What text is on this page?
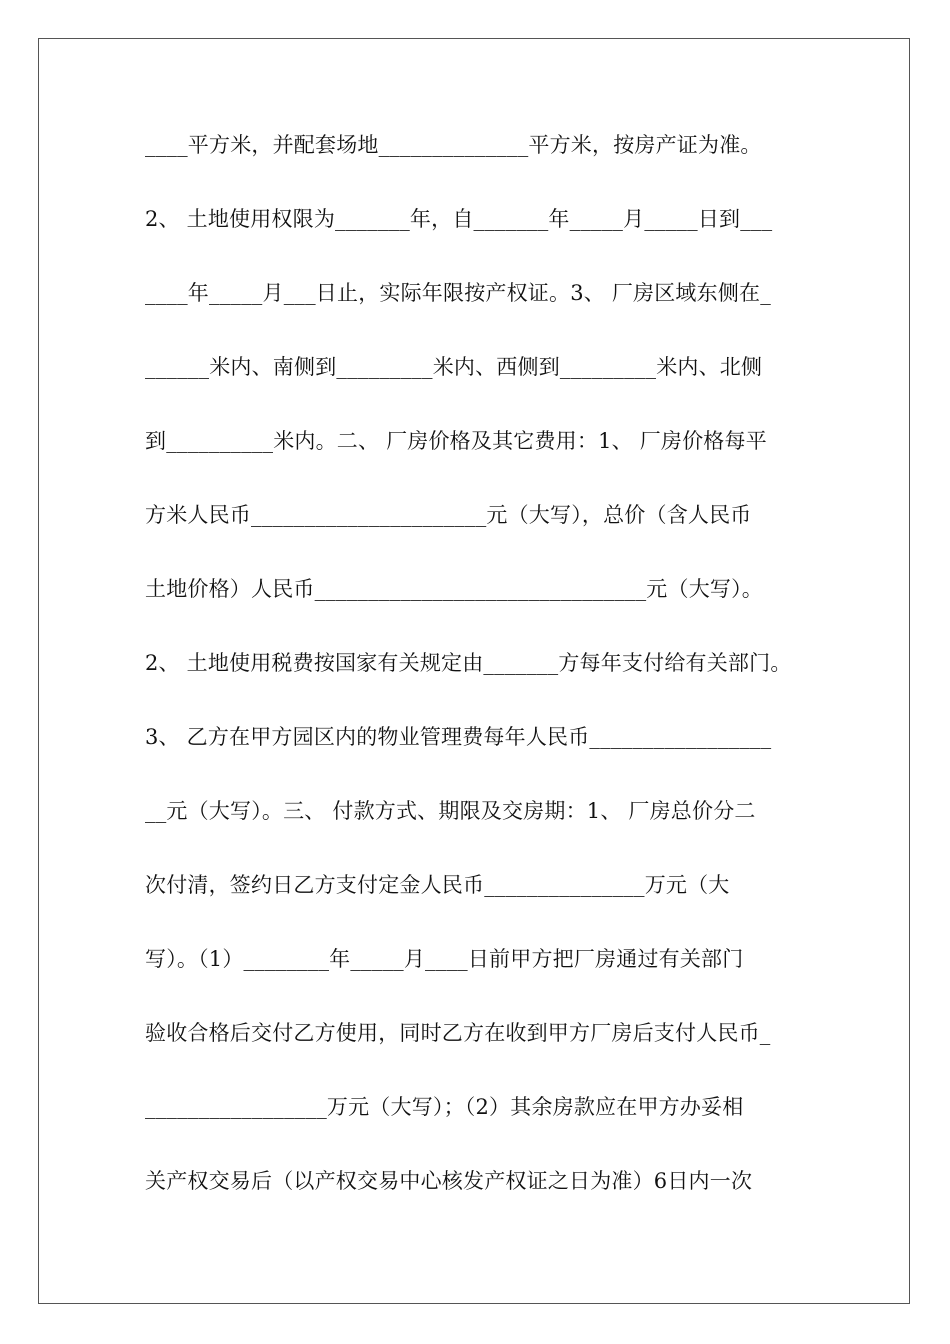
____平方米，并配套场地______________平方米，按房产证为准。
2、 土地使用权限为_______年，自_______年_____月_____日到___
____年_____月___日止，实际年限按产权证。3、 厂房区域东侧在_
______米内、南侧到_________米内、西侧到_________米内、北侧
到__________米内。二、 厂房价格及其它费用：1、 厂房价格每平
方米人民币______________________元（大写），总价（含人民币
土地价格）人民币_______________________________元（大写）。
2、 土地使用税费按国家有关规定由_______方每年支付给有关部门。
3、 乙方在甲方园区内的物业管理费每年人民币_________________
__元（大写）。三、 付款方式、期限及交房期：1、 厂房总价分二
次付清，签约日乙方支付定金人民币_______________万元（大
写）。（1）________年_____月____日前甲方把厂房通过有关部门
验收合格后交付乙方使用，同时乙方在收到甲方厂房后支付人民币_
_________________万元（大写）；（2）其余房款应在甲方办妥相
关产权交易后（以产权交易中心核发产权证之日为准）6日内一次
